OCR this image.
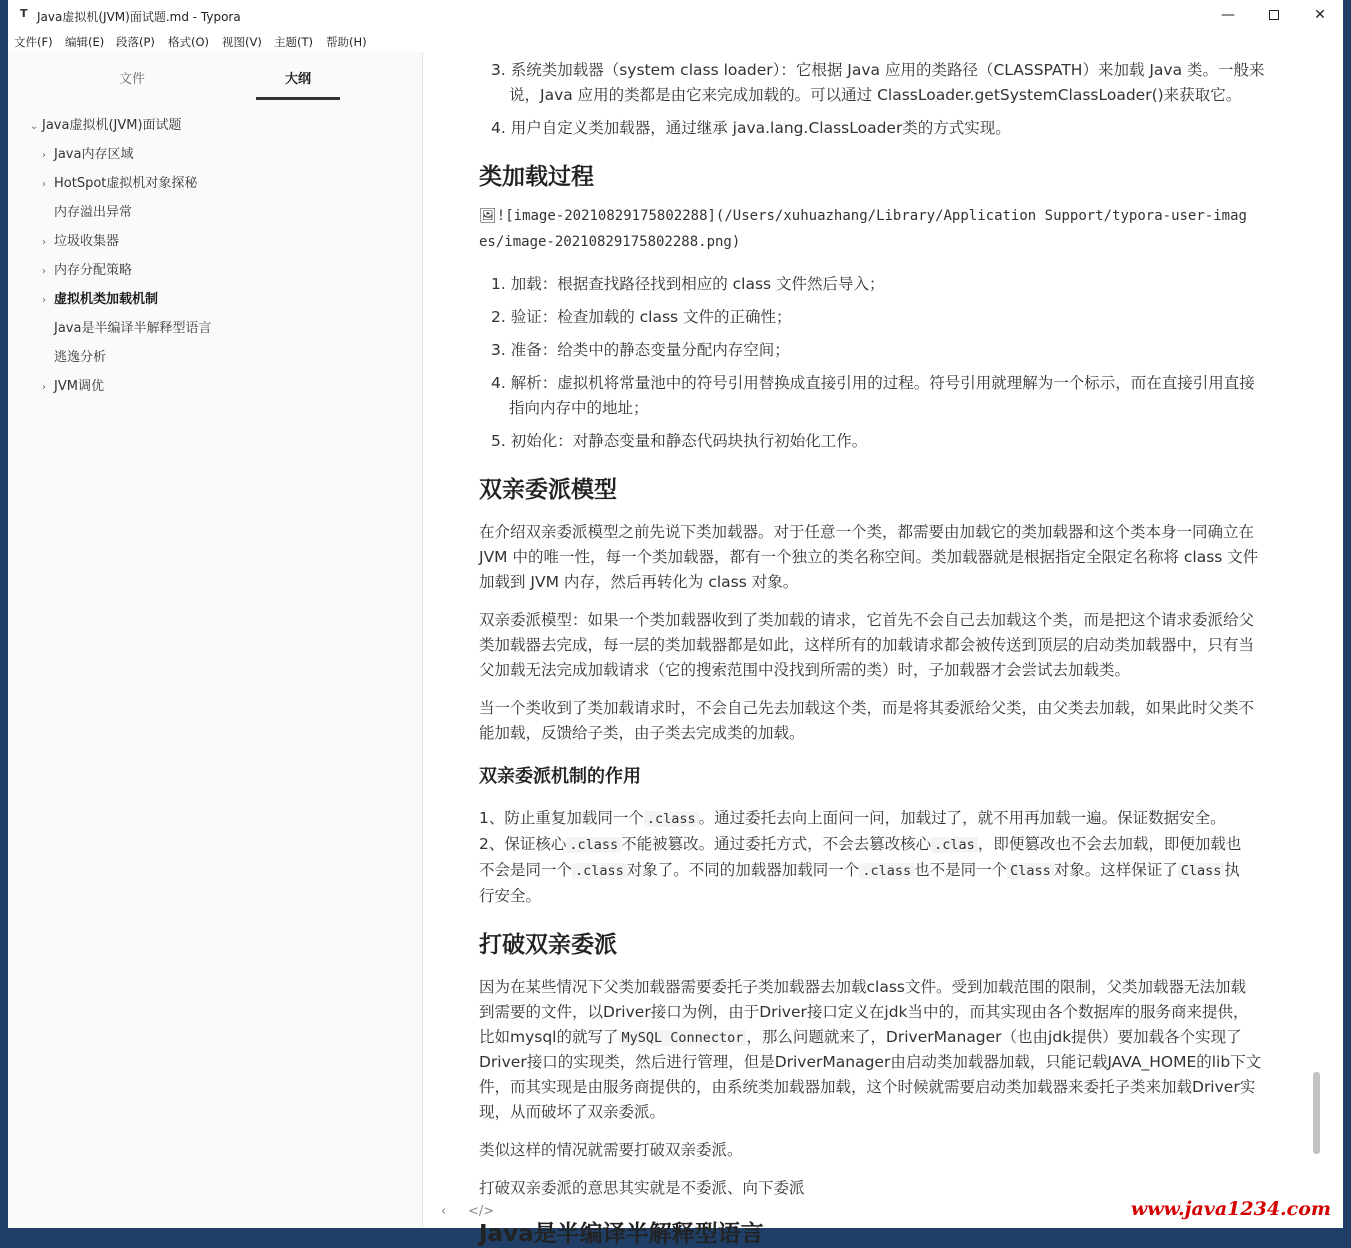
T Java虚拟机(JVM)面试题.md - Typora	—	✕
文件(F) 编辑(E) 段落(P) 格式(O) 视图(V) 主题(T) 帮助(H)
文件	大纲
⌄ Java虚拟机(JVM)面试题
› Java内存区域
› HotSpot虚拟机对象探秘
内存溢出异常
› 垃圾收集器
› 内存分配策略
› 虚拟机类加载机制
Java是半编译半解释型语言
逃逸分析
› JVM调优
3. 系统类加载器（system class loader）：它根据 Java 应用的类路径（CLASSPATH）来加载 Java 类。一般来
说，Java 应用的类都是由它来完成加载的。可以通过 ClassLoader.getSystemClassLoader()来获取它。
4. 用户自定义类加载器，通过继承 java.lang.ClassLoader类的方式实现。
类加载过程
🖼![image-20210829175802288](/Users/xuhuazhang/Library/Application Support/typora-user-imag
es/image-20210829175802288.png)
1. 加载：根据查找路径找到相应的 class 文件然后导入；
2. 验证：检查加载的 class 文件的正确性；
3. 准备：给类中的静态变量分配内存空间；
4. 解析：虚拟机将常量池中的符号引用替换成直接引用的过程。符号引用就理解为一个标示，而在直接引用直接
指向内存中的地址；
5. 初始化：对静态变量和静态代码块执行初始化工作。
双亲委派模型
在介绍双亲委派模型之前先说下类加载器。对于任意一个类，都需要由加载它的类加载器和这个类本身一同确立在
JVM 中的唯一性，每一个类加载器，都有一个独立的类名称空间。类加载器就是根据指定全限定名称将 class 文件
加载到 JVM 内存，然后再转化为 class 对象。
双亲委派模型：如果一个类加载器收到了类加载的请求，它首先不会自己去加载这个类，而是把这个请求委派给父
类加载器去完成，每一层的类加载器都是如此，这样所有的加载请求都会被传送到顶层的启动类加载器中，只有当
父加载无法完成加载请求（它的搜索范围中没找到所需的类）时，子加载器才会尝试去加载类。
当一个类收到了类加载请求时，不会自己先去加载这个类，而是将其委派给父类，由父类去加载，如果此时父类不
能加载，反馈给子类，由子类去完成类的加载。
双亲委派机制的作用
1、防止重复加载同一个 .class 。通过委托去向上面问一问，加载过了，就不用再加载一遍。保证数据安全。
2、保证核心 .class 不能被篡改。通过委托方式，不会去篡改核心 .clas ，即便篡改也不会去加载，即便加载也
不会是同一个 .class 对象了。不同的加载器加载同一个 .class 也不是同一个 Class 对象。这样保证了 Class 执
行安全。
打破双亲委派
因为在某些情况下父类加载器需要委托子类加载器去加载class文件。受到加载范围的限制，父类加载器无法加载
到需要的文件，以Driver接口为例，由于Driver接口定义在jdk当中的，而其实现由各个数据库的服务商来提供，
比如mysql的就写了 MySQL Connector ，那么问题就来了，DriverManager（也由jdk提供）要加载各个实现了
Driver接口的实现类，然后进行管理，但是DriverManager由启动类加载器加载，只能记载JAVA_HOME的lib下文
件，而其实现是由服务商提供的，由系统类加载器加载，这个时候就需要启动类加载器来委托子类来加载Driver实
现，从而破坏了双亲委派。
类似这样的情况就需要打破双亲委派。
打破双亲委派的意思其实就是不委派、向下委派
Java是半编译半解释型语言
‹ </>	www.java1234.com
